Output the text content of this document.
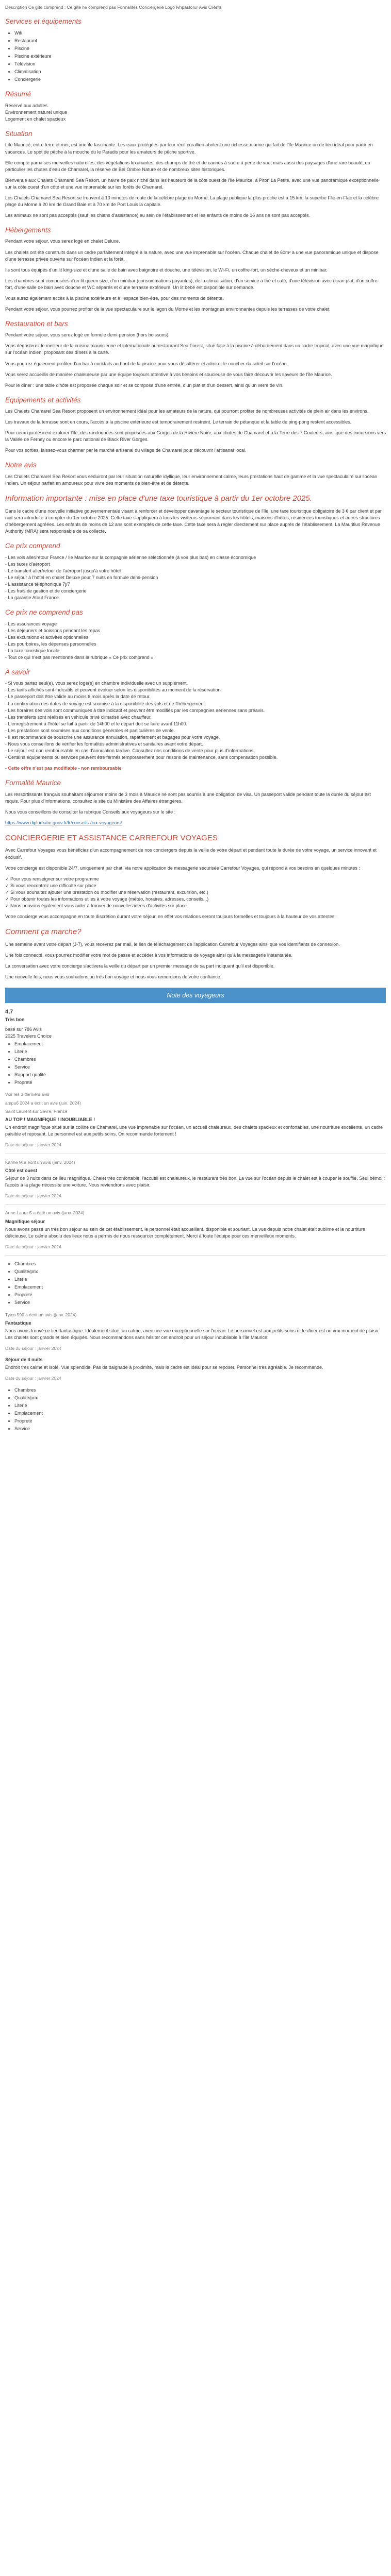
Description Ce gîte comprend : Ce gîte ne comprend pas Formalités Conciergerie Logo Ivhpastorur Avis Clients

Services et équipements
• Wifi
• Restaurant
• Piscine
• Piscine extérieure
• Télévision
• Climatisation
• Conciergerie
Résumé
Réservé aux adultes
Environnement naturel unique
Logement en chalet spacieux
Situation

Life Mauricé, entre terre et mer, est une île fascinante. Les eaux protégées par leur récif corallien abritent une richesse marine qui fait de l'île Maurice un de lieu idéal pour partir en vacances. Le spot de pêche à la mouche du le Paradis pour les amateurs de pêche sportive.

Elle compte parmi ses merveilles naturelles, des végétations luxuriantes, des champs de thé et de cannes à sucre à perte de vue, mais aussi des paysages d'une rare beauté, en particulier les chutes d'eau de Chamarel, la réserve de Bel Ombre Nature et de nombreux sites historiques.

Bienvenue aux Chalets Chamarel Sea Resort, un havre de paix niché dans les hauteurs de la côte ouest de l'île Maurice, à Piton La Petite, avec une vue panoramique exceptionnelle sur la côte ouest d'un côté et une vue imprenable sur les forêts de Chamarel.

Les Chalets Chamarel Sea Resort se trouvent à 10 minutes de route de la célèbre plage du Morne. La plage publique la plus proche est à 15 km, la superbe Flic-en-Flac et la célèbre plage du Morne à 20 km de Grand Baie et à 70 km de Port Louis la capitale.

Les animaux ne sont pas acceptés (sauf les chiens d'assistance) au sein de l'établissement et les enfants de moins de 16 ans ne sont pas acceptés.

Hébergements

Pendant votre séjour, vous serez logé en chalet Deluxe.

Les chalets ont été construits dans un cadre parfaitement intégré à la nature, avec une vue imprenable sur l'océan. Chaque chalet de 60m² a une vue panoramique unique et dispose d'une terrasse privée ouverte sur l'océan Indien et la forêt.

Ils sont tous équipés d'un lit king-size et d'une salle de bain avec baignoire et douche, une télévision, le Wi-Fi, un coffre-fort, un sèche-cheveux et un minibar.

Les chambres sont composées d'un lit queen size, d'un minibar (consommations payantes), de la climatisation, d'un service à thé et café, d'une télévision avec écran plat, d'un coffre-fort, d'une salle de bain avec douche et WC séparés et d'une terrasse extérieure. Un lit bébé est disponible sur demande.

Vous aurez également accès à la piscine extérieure et à l'espace bien-être, pour des moments de détente.

Pendant votre séjour, vous pourrez profiter de la vue spectaculaire sur le lagon du Morne et les montagnes environnantes depuis les terrasses de votre chalet.

Restauration et bars

Pendant votre séjour, vous serez logé en formule demi-pension (hors boissons).

Vous dégusterez le meilleur de la cuisine mauricienne et internationale au restaurant Sea Forest, situé face à la piscine à débordement dans un cadre tropical, avec une vue magnifique sur l'océan Indien, proposant des dîners à la carte.

Vous pourrez également profiter d'un bar à cocktails au bord de la piscine pour vous désaltérer et admirer le coucher du soleil sur l'océan.

Vous serez accueillis de manière chaleureuse par une équipe toujours attentive à vos besoins et soucieuse de vous faire découvrir les saveurs de l'île Maurice.

Pour le dîner : une table d'hôte est proposée chaque soir et se compose d'une entrée, d'un plat et d'un dessert, ainsi qu'un verre de vin.

Equipements et activités

Les Chalets Chamarel Sea Resort proposent un environnement idéal pour les amateurs de la nature, qui pourront profiter de nombreuses activités de plein air dans les environs.

Les travaux de la terrasse sont en cours, l'accès à la piscine extérieure est temporairement restreint. Le terrain de pétanque et la table de ping-pong restent accessibles.

Pour ceux qui désirent explorer l'île, des randonnées sont proposées aux Gorges de la Rivière Noire, aux chutes de Chamarel et à la Terre des 7 Couleurs, ainsi que des excursions vers la Vallée de Ferney ou encore le parc national de Black River Gorges.

Pour vos sorties, laissez-vous charmer par le marché artisanal du village de Chamarel pour découvrir l'artisanat local.

Notre avis

Les Chalets Chamarel Sea Resort vous séduiront par leur situation naturelle idyllique, leur environnement calme, leurs prestations haut de gamme et la vue spectaculaire sur l'océan Indien. Un séjour parfait en amoureux pour vivre des moments de bien-être et de détente.

Information importante : mise en place d'une taxe touristique à partir du 1er octobre 2025.

Dans le cadre d'une nouvelle initiative gouvernementale visant à renforcer et développer davantage le secteur touristique de l'île, une taxe touristique obligatoire de 3 € par client et par nuit sera introduite à compter du 1er octobre 2025. Cette taxe s'appliquera à tous les visiteurs séjournant dans les hôtels, maisons d'hôtes, résidences touristiques et autres structures d'hébergement agréées. Les enfants de moins de 12 ans sont exemptés de cette taxe. Cette taxe sera à régler directement sur place auprès de l'établissement. La Mauritius Revenue Authority (MRA) sera responsable de sa collecte.

Ce prix comprend
- Les vols aller/retour France / Ile Maurice sur la compagnie aérienne sélectionnée (à voir plus bas) en classe économique
- Les taxes d'aéroport
- Le transfert aller/retour de l'aéroport jusqu'à votre hôtel
- Le séjour à l'hôtel en chalet Deluxe pour 7 nuits en formule demi-pension
- L'assistance téléphonique 7j/7
- Les frais de gestion et de conciergerie
- La garantie Atout France
Ce prix ne comprend pas
- Les assurances voyage
- Les déjeuners et boissons pendant les repas
- Les excursions et activités optionnelles
- Les pourboires, les dépenses personnelles
- La taxe touristique locale
- Tout ce qui n'est pas mentionné dans la rubrique « Ce prix comprend »
A savoir
- Si vous partez seul(e), vous serez logé(e) en chambre individuelle avec un supplément.
- Les tarifs affichés sont indicatifs et peuvent évoluer selon les disponibilités au moment de la réservation.
- Le passeport doit être valide au moins 6 mois après la date de retour.
- La confirmation des dates de voyage est soumise à la disponibilité des vols et de l'hébergement.
- Les horaires des vols sont communiqués à titre indicatif et peuvent être modifiés par les compagnies aériennes sans préavis.
- Les transferts sont réalisés en véhicule privé climatisé avec chauffeur.
- L'enregistrement à l'hôtel se fait à partir de 14h00 et le départ doit se faire avant 11h00.
- Les prestations sont soumises aux conditions générales et particulières de vente.
- Il est recommandé de souscrire une assurance annulation, rapatriement et bagages pour votre voyage.
- Nous vous conseillons de vérifier les formalités administratives et sanitaires avant votre départ.
- Le séjour est non remboursable en cas d'annulation tardive. Consultez nos conditions de vente pour plus d'informations.
- Certains équipements ou services peuvent être fermés temporairement pour raisons de maintenance, sans compensation possible.

- Cette offre n'est pas modifiable - non remboursable

Formalité Maurice

Les ressortissants français souhaitant séjourner moins de 3 mois à Maurice ne sont pas soumis à une obligation de visa. Un passeport valide pendant toute la durée du séjour est requis. Pour plus d'informations, consultez le site du Ministère des Affaires étrangères.

Nous vous conseillons de consulter la rubrique Conseils aux voyageurs sur le site :

https://www.diplomatie.gouv.fr/fr/conseils-aux-voyageurs/

CONCIERGERIE ET ASSISTANCE CARREFOUR VOYAGES

Avec Carrefour Voyages vous bénéficiez d'un accompagnement de nos conciergers depuis la veille de votre départ et pendant toute la durée de votre voyage, un service innovant et exclusif.

Votre concierge est disponible 24/7, uniquement par chat, via notre application de messagerie sécurisée Carrefour Voyages, qui répond à vos besoins en quelques minutes :

✓ Pour vous renseigner sur votre programme
✓ Si vous rencontrez une difficulté sur place
✓ Si vous souhaitez ajouter une prestation ou modifier une réservation (restaurant, excursion, etc.)
✓ Pour obtenir toutes les informations utiles à votre voyage (météo, horaires, adresses, conseils...)
✓ Nous pouvons également vous aider à trouver de nouvelles idées d'activités sur place

Votre concierge vous accompagne en toute discrétion durant votre séjour, en effet vos relations seront toujours formelles et toujours à la hauteur de vos attentes.

Comment ça marche?

Une semaine avant votre départ (J-7), vous recevrez par mail, le lien de téléchargement de l'application Carrefour Voyages ainsi que vos identifiants de connexion.

Une fois connecté, vous pourrez modifier votre mot de passe et accéder à vos informations de voyage ainsi qu'à la messagerie instantanée.

La conversation avec votre concierge s'activera la veille du départ par un premier message de sa part indiquant qu'il est disponible.

Une nouvelle fois, nous vous souhaitons un très bon voyage et nous vous remercions de votre confiance.

Note des voyageurs
4,7
Très bon
basé sur 786 Avis
2025 Travelers Choice
• Emplacement
• Literie
• Chambres
• Service
• Rapport qualité
• Propreté
Voir les 3 derniers avis
ampu6 2024 a écrit un avis (juin. 2024)
Saint Laurent sur Sèvre, France
AU TOP ! MAGNIFIQUE ! INOUBLIABLE !

Un endroit magnifique situé sur la colline de Chamarel, une vue imprenable sur l'océan, un accueil chaleureux, des chalets spacieux et confortables, une nourriture excellente, un cadre paisible et reposant. Le personnel est aux petits soins. On recommande fortement !

Date du séjour : janvier 2024
Karine M a écrit un avis (janv. 2024)
Côté est ouest

Séjour de 3 nuits dans ce lieu magnifique. Chalet très confortable, l'accueil est chaleureux, le restaurant très bon. La vue sur l'océan depuis le chalet est à couper le souffle. Seul bémol : l'accès à la plage nécessite une voiture. Nous reviendrons avec plaisir.

Date du séjour : janvier 2024
Anne Laure S a écrit un avis (janv. 2024)
Magnifique séjour

Nous avons passé un très bon séjour au sein de cet établissement, le personnel était accueillant, disponible et souriant. La vue depuis notre chalet était sublime et la nourriture délicieuse. Le calme absolu des lieux nous a permis de nous ressourcer complètement. Merci à toute l'équipe pour ces merveilleux moments.

Date du séjour : janvier 2024
• Chambres
• Qualité/prix
• Literie
• Emplacement
• Propreté
• Service
Tytos 590 a écrit un avis (janv. 2024)
Fantastique

Nous avons trouvé ce lieu fantastique. Idéalement situé, au calme, avec une vue exceptionnelle sur l'océan. Le personnel est aux petits soins et le dîner est un vrai moment de plaisir. Les chalets sont grands et bien équipés. Nous recommandons sans hésiter cet endroit pour un séjour inoubliable à l'île Maurice.

Date du séjour : janvier 2024
Séjour de 4 nuits

Endroit très calme et isolé. Vue splendide. Pas de baignade à proximité, mais le cadre est idéal pour se reposer. Personnel très agréable. Je recommande.

Date du séjour : janvier 2024
• Chambres
• Qualité/prix
• Literie
• Emplacement
• Propreté
• Service
